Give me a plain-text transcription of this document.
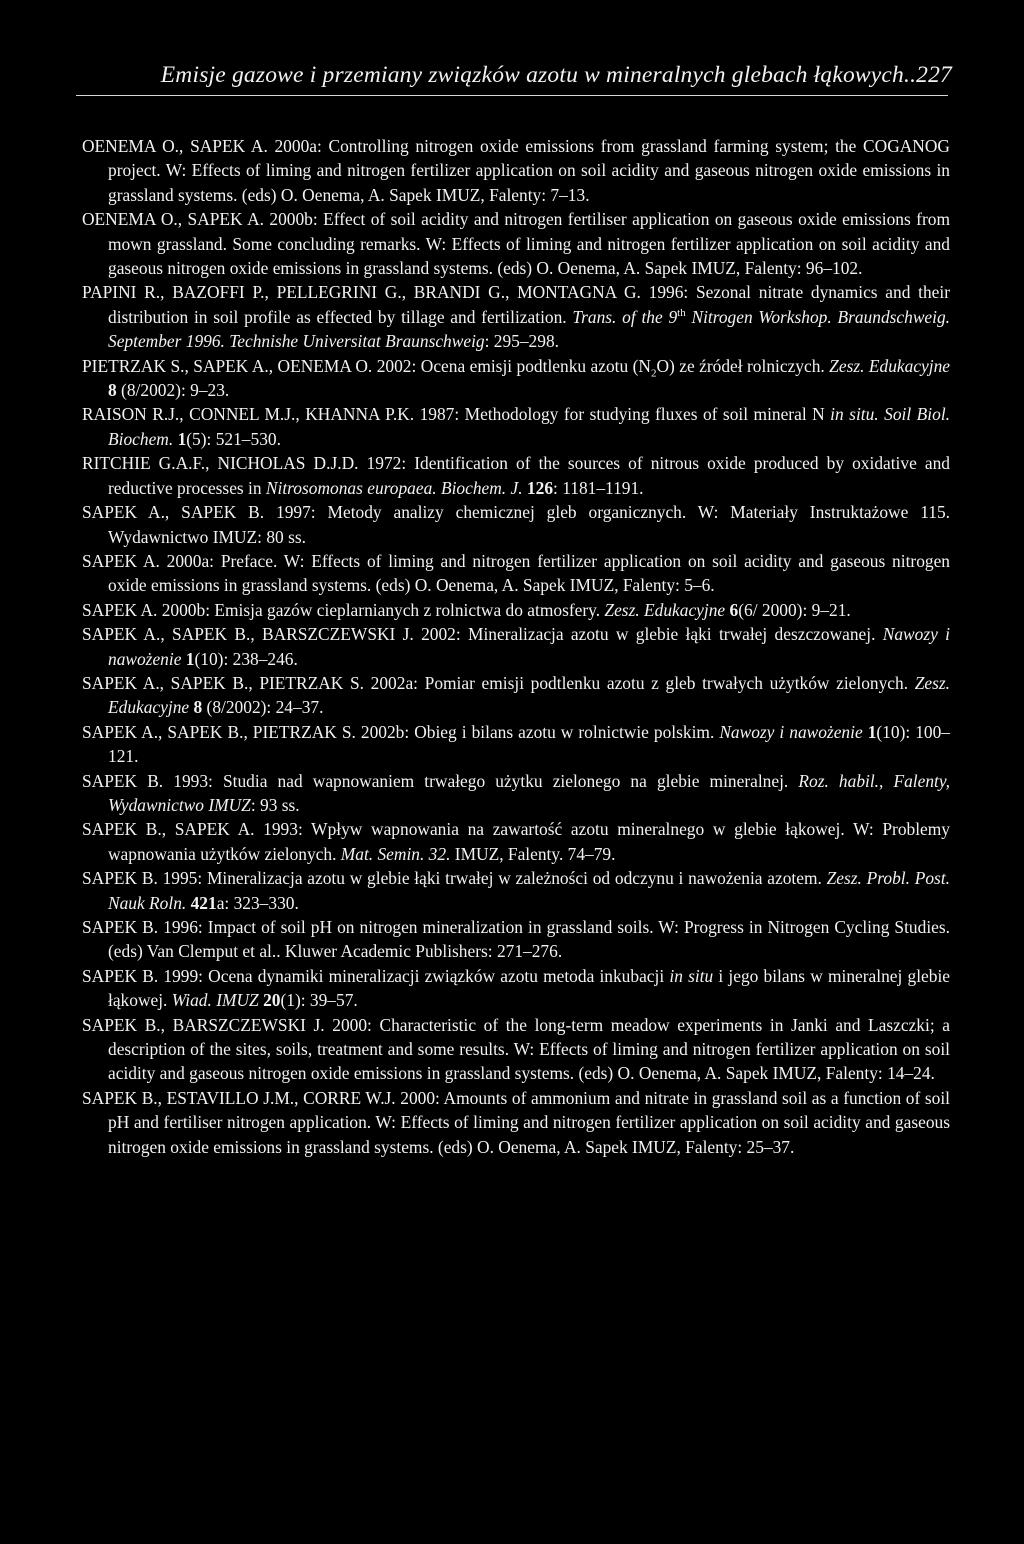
Emisje gazowe i przemiany związków azotu w mineralnych glebach łąkowych..227

OENEMA O., SAPEK A. 2000a: Controlling nitrogen oxide emissions from grassland farming system; the COGANOG project. W: Effects of liming and nitrogen fertilizer application on soil acidity and gaseous nitrogen oxide emissions in grassland systems. (eds) O. Oenema, A. Sapek IMUZ, Falenty: 7–13.

OENEMA O., SAPEK A. 2000b: Effect of soil acidity and nitrogen fertiliser application on gaseous oxide emissions from mown grassland. Some concluding remarks. W: Effects of liming and nitrogen fertilizer application on soil acidity and gaseous nitrogen oxide emissions in grassland systems. (eds) O. Oenema, A. Sapek IMUZ, Falenty: 96–102.

PAPINI R., BAZOFFI P., PELLEGRINI G., BRANDI G., MONTAGNA G. 1996: Sezonal nitrate dynamics and their distribution in soil profile as effected by tillage and fertilization. Trans. of the 9th Nitrogen Workshop. Braundschweig. September 1996. Technishe Universitat Braunschweig: 295–298.

PIETRZAK S., SAPEK A., OENEMA O. 2002: Ocena emisji podtlenku azotu $(N_2O)$ ze źródeł rolniczych. Zesz. Edukacyjne 8 (8/2002): 9–23.

RAISON R.J., CONNEL M.J., KHANNA P.K. 1987: Methodology for studying fluxes of soil mineral N in situ. Soil Biol. Biochem. 1(5): 521–530.

RITCHIE G.A.F., NICHOLAS D.J.D. 1972: Identification of the sources of nitrous oxide produced by oxidative and reductive processes in Nitrosomonas europaea. Biochem. J. 126: 1181–1191.

SAPEK A., SAPEK B. 1997: Metody analizy chemicznej gleb organicznych. W: Materiały Instruktażowe 115. Wydawnictwo IMUZ: 80 ss.

SAPEK A. 2000a: Preface. W: Effects of liming and nitrogen fertilizer application on soil acidity and gaseous nitrogen oxide emissions in grassland systems. (eds) O. Oenema, A. Sapek IMUZ, Falenty: 5–6.

SAPEK A. 2000b: Emisja gazów cieplarnianych z rolnictwa do atmosfery. Zesz. Edukacyjne 6(6/ 2000): 9–21.

SAPEK A., SAPEK B., BARSZCZEWSKI J. 2002: Mineralizacja azotu w glebie łąki trwałej deszczowanej. Nawozy i nawożenie 1(10): 238–246.

SAPEK A., SAPEK B., PIETRZAK S. 2002a: Pomiar emisji podtlenku azotu z gleb trwałych użytków zielonych. Zesz. Edukacyjne 8 (8/2002): 24–37.

SAPEK A., SAPEK B., PIETRZAK S. 2002b: Obieg i bilans azotu w rolnictwie polskim. Nawozy i nawożenie 1(10): 100–121.

SAPEK B. 1993: Studia nad wapnowaniem trwałego użytku zielonego na glebie mineralnej. Roz. habil., Falenty, Wydawnictwo IMUZ: 93 ss.

SAPEK B., SAPEK A. 1993: Wpływ wapnowania na zawartość azotu mineralnego w glebie łąkowej. W: Problemy wapnowania użytków zielonych. Mat. Semin. 32. IMUZ, Falenty. 74–79.

SAPEK B. 1995: Mineralizacja azotu w glebie łąki trwałej w zależności od odczynu i nawożenia azotem. Zesz. Probl. Post. Nauk Roln. 421a: 323–330.

SAPEK B. 1996: Impact of soil pH on nitrogen mineralization in grassland soils. W: Progress in Nitrogen Cycling Studies. (eds) Van Clemput et al.. Kluwer Academic Publishers: 271–276.

SAPEK B. 1999: Ocena dynamiki mineralizacji związków azotu metoda inkubacji in situ i jego bilans w mineralnej glebie łąkowej. Wiad. IMUZ 20(1): 39–57.

SAPEK B., BARSZCZEWSKI J. 2000: Characteristic of the long-term meadow experiments in Janki and Laszczki; a description of the sites, soils, treatment and some results. W: Effects of liming and nitrogen fertilizer application on soil acidity and gaseous nitrogen oxide emissions in grassland systems. (eds) O. Oenema, A. Sapek IMUZ, Falenty: 14–24.

SAPEK B., ESTAVILLO J.M., CORRE W.J. 2000: Amounts of ammonium and nitrate in grassland soil as a function of soil pH and fertiliser nitrogen application. W: Effects of liming and nitrogen fertilizer application on soil acidity and gaseous nitrogen oxide emissions in grassland systems. (eds) O. Oenema, A. Sapek IMUZ, Falenty: 25–37.
